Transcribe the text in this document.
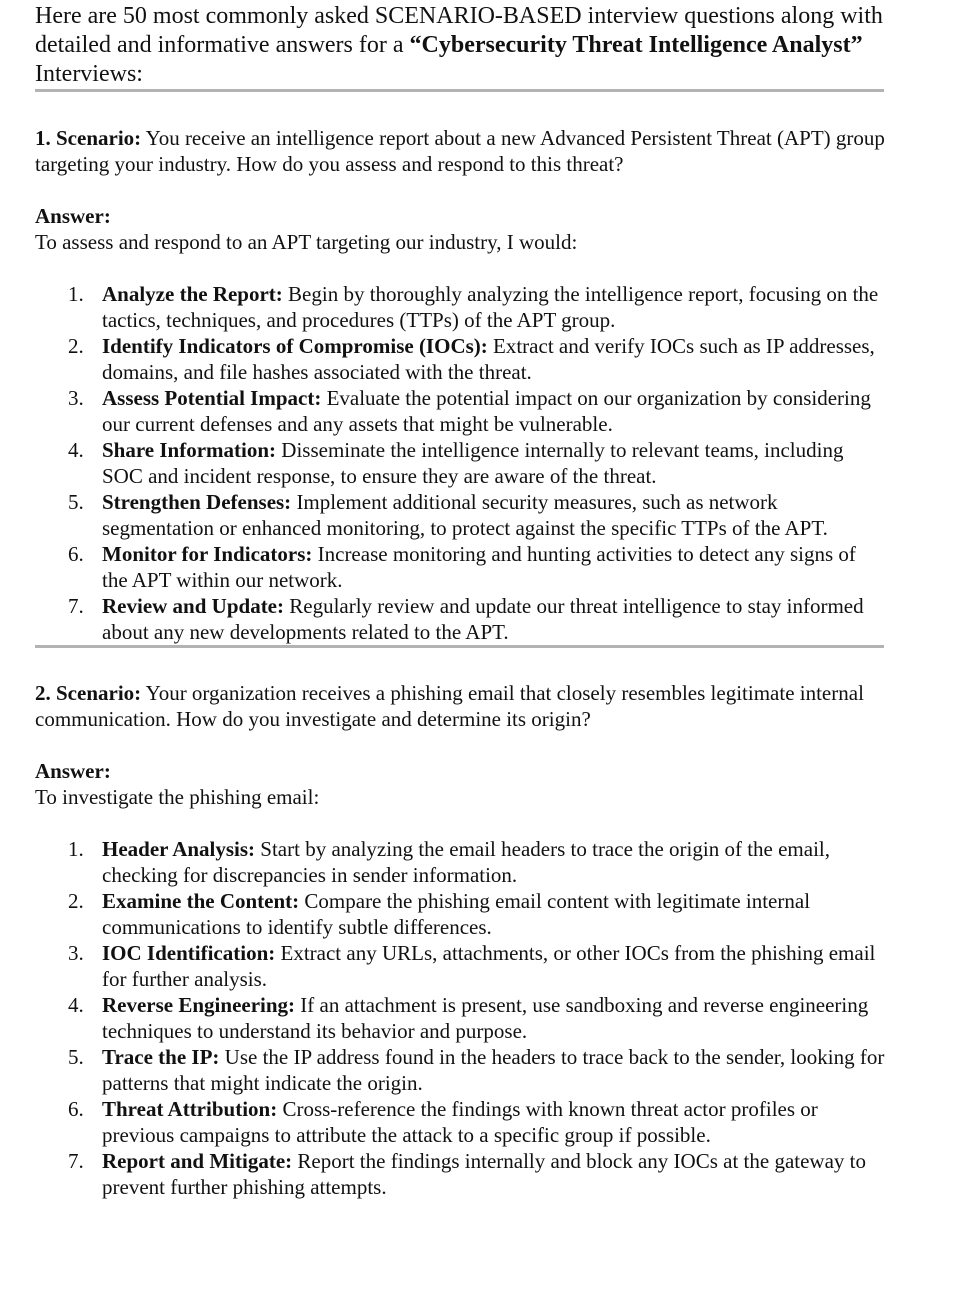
Here are 50 most commonly asked SCENARIO-BASED interview questions along with detailed and informative answers for a “Cybersecurity Threat Intelligence Analyst” Interviews:

1. Scenario: You receive an intelligence report about a new Advanced Persistent Threat (APT) group targeting your industry. How do you assess and respond to this threat?

Answer:

To assess and respond to an APT targeting our industry, I would:

1. Analyze the Report: Begin by thoroughly analyzing the intelligence report, focusing on the tactics, techniques, and procedures (TTPs) of the APT group.
2. Identify Indicators of Compromise (IOCs): Extract and verify IOCs such as IP addresses, domains, and file hashes associated with the threat.
3. Assess Potential Impact: Evaluate the potential impact on our organization by considering our current defenses and any assets that might be vulnerable.
4. Share Information: Disseminate the intelligence internally to relevant teams, including SOC and incident response, to ensure they are aware of the threat.
5. Strengthen Defenses: Implement additional security measures, such as network segmentation or enhanced monitoring, to protect against the specific TTPs of the APT.
6. Monitor for Indicators: Increase monitoring and hunting activities to detect any signs of the APT within our network.
7. Review and Update: Regularly review and update our threat intelligence to stay informed about any new developments related to the APT.

2. Scenario: Your organization receives a phishing email that closely resembles legitimate internal communication. How do you investigate and determine its origin?

Answer:

To investigate the phishing email:

1. Header Analysis: Start by analyzing the email headers to trace the origin of the email, checking for discrepancies in sender information.
2. Examine the Content: Compare the phishing email content with legitimate internal communications to identify subtle differences.
3. IOC Identification: Extract any URLs, attachments, or other IOCs from the phishing email for further analysis.
4. Reverse Engineering: If an attachment is present, use sandboxing and reverse engineering techniques to understand its behavior and purpose.
5. Trace the IP: Use the IP address found in the headers to trace back to the sender, looking for patterns that might indicate the origin.
6. Threat Attribution: Cross-reference the findings with known threat actor profiles or previous campaigns to attribute the attack to a specific group if possible.
7. Report and Mitigate: Report the findings internally and block any IOCs at the gateway to prevent further phishing attempts.
